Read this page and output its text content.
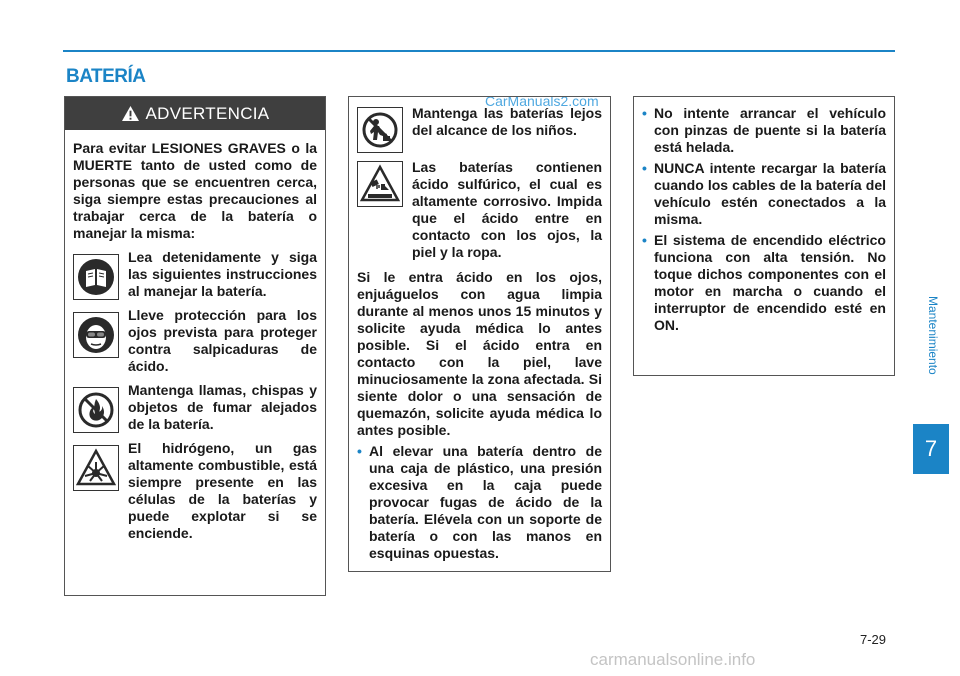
BATERÍA
CarManuals2.com
ADVERTENCIA

Para evitar LESIONES GRAVES o la MUERTE tanto de usted como de personas que se encuentren cerca, siga siempre estas precauciones al trabajar cerca de la batería o manejar la misma:

Lea detenidamente y siga las siguientes instrucciones al manejar la batería.

Lleve protección para los ojos prevista para proteger contra salpicaduras de ácido.

Mantenga llamas, chispas y objetos de fumar alejados de la batería.

El hidrógeno, un gas altamente combustible, está siempre presente en las células de la baterías y puede explotar si se enciende.

Mantenga las baterías lejos del alcance de los niños.

Las baterías contienen ácido sulfúrico, el cual es altamente corrosivo. Impida que el ácido entre en contacto con los ojos, la piel y la ropa.

Si le entra ácido en los ojos, enjuáguelos con agua limpia durante al menos unos 15 minutos y solicite ayuda médica lo antes posible. Si el ácido entra en contacto con la piel, lave minuciosamente la zona afectada. Si siente dolor o una sensación de quemazón, solicite ayuda médica lo antes posible.

• Al elevar una batería dentro de una caja de plástico, una presión excesiva en la caja puede provocar fugas de ácido de la batería. Elévela con un soporte de batería o con las manos en esquinas opuestas.

• No intente arrancar el vehículo con pinzas de puente si la batería está helada.

• NUNCA intente recargar la batería cuando los cables de la batería del vehículo estén conectados a la misma.

• El sistema de encendido eléctrico funciona con alta tensión. No toque dichos componentes con el motor en marcha o cuando el interruptor de encendido esté en ON.	Mantenimiento
7
7-29
carmanualsonline.info
